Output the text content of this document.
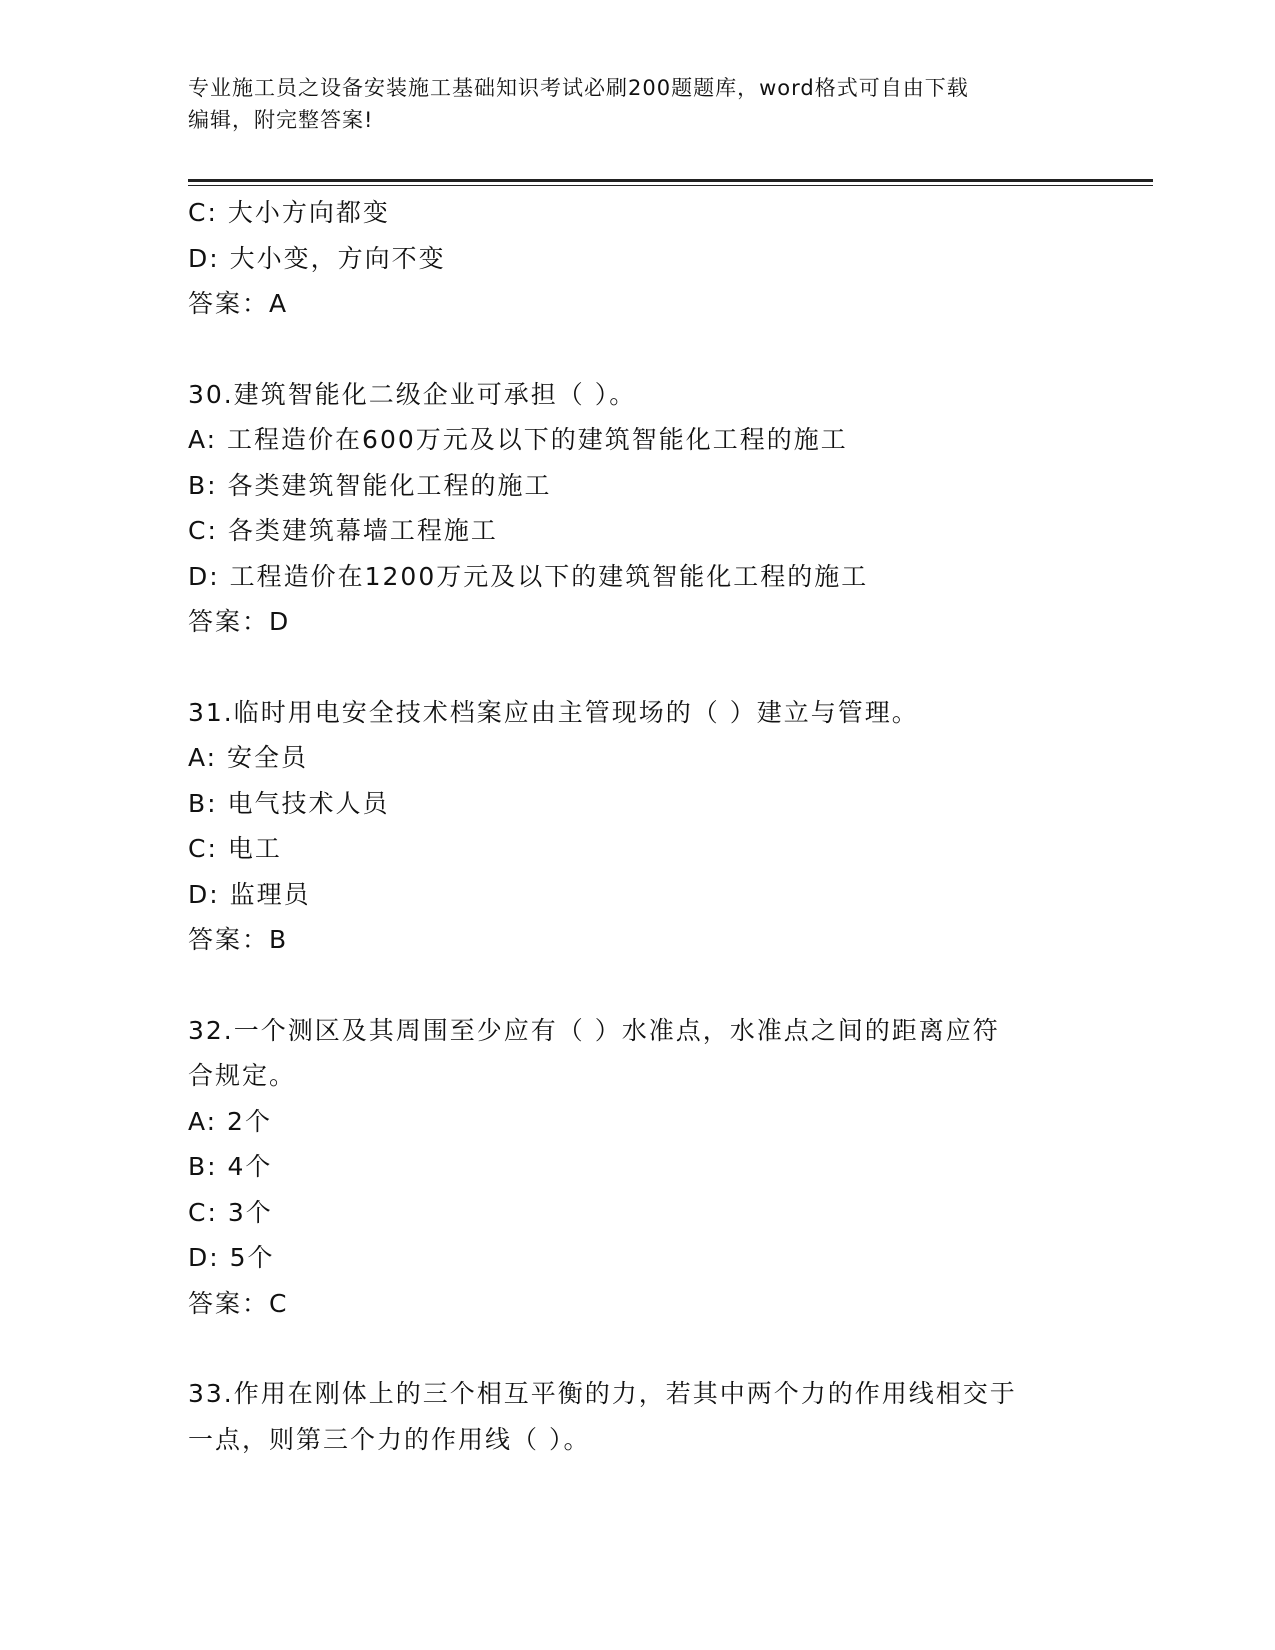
专业施工员之设备安装施工基础知识考试必刷200题题库，word格式可自由下载
编辑，附完整答案!
C: 大小方向都变
D: 大小变，方向不变
答案：A
30.建筑智能化二级企业可承担（ ）。
A: 工程造价在600万元及以下的建筑智能化工程的施工
B: 各类建筑智能化工程的施工
C: 各类建筑幕墙工程施工
D: 工程造价在1200万元及以下的建筑智能化工程的施工
答案：D
31.临时用电安全技术档案应由主管现场的（ ）建立与管理。
A: 安全员
B: 电气技术人员
C: 电工
D: 监理员
答案：B
32.一个测区及其周围至少应有（ ）水准点，水准点之间的距离应符
合规定。
A: 2个
B: 4个
C: 3个
D: 5个
答案：C
33.作用在刚体上的三个相互平衡的力，若其中两个力的作用线相交于
一点，则第三个力的作用线（ ）。
